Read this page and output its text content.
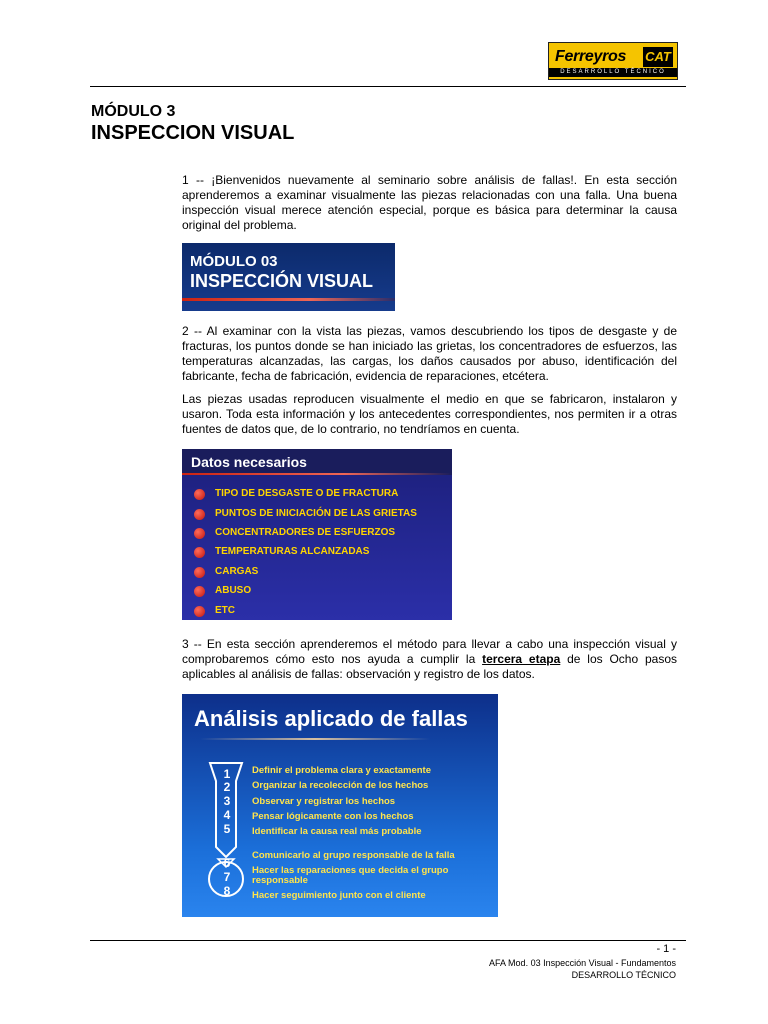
Ferreyros CAT
DESARROLLO TÉCNICO
MÓDULO 3
INSPECCION VISUAL
1 -- ¡Bienvenidos nuevamente al seminario sobre análisis de fallas!. En esta sección aprenderemos a examinar visualmente las piezas relacionadas con una falla. Una buena inspección visual merece atención especial, porque es básica para determinar la causa original del problema.
MÓDULO 03
INSPECCIÓN VISUAL
2 -- Al examinar con la vista las piezas, vamos descubriendo los tipos de desgaste y de fracturas, los puntos donde se han iniciado las grietas, los concentradores de esfuerzos, las temperaturas alcanzadas, las cargas, los daños causados por abuso, identificación del fabricante, fecha de fabricación, evidencia de reparaciones, etcétera.
Las piezas usadas reproducen visualmente el medio en que se fabricaron, instalaron y usaron. Toda esta información y los antecedentes correspondientes, nos permiten ir a otras fuentes de datos que, de lo contrario, no tendríamos en cuenta.
Datos necesarios
TIPO DE DESGASTE O DE FRACTURA
PUNTOS DE INICIACIÓN DE LAS GRIETAS
CONCENTRADORES DE ESFUERZOS
TEMPERATURAS ALCANZADAS
CARGAS
ABUSO
ETC
3 -- En esta sección aprenderemos el método para llevar a cabo una inspección visual y comprobaremos cómo esto nos ayuda a cumplir la tercera etapa de los Ocho pasos aplicables al análisis de fallas: observación y registro de los datos.
Análisis aplicado de fallas
1
2
3
4
5
6
7
8
Definir el problema clara y exactamente
Organizar la recolección de los hechos
Observar y registrar los hechos
Pensar lógicamente con los hechos
Identificar la causa real más probable
Comunicarlo al grupo responsable de la falla
Hacer las reparaciones que decida el grupo responsable
Hacer seguimiento junto con el cliente
- 1 -
AFA Mod. 03 Inspección Visual - Fundamentos
DESARROLLO TÉCNICO
